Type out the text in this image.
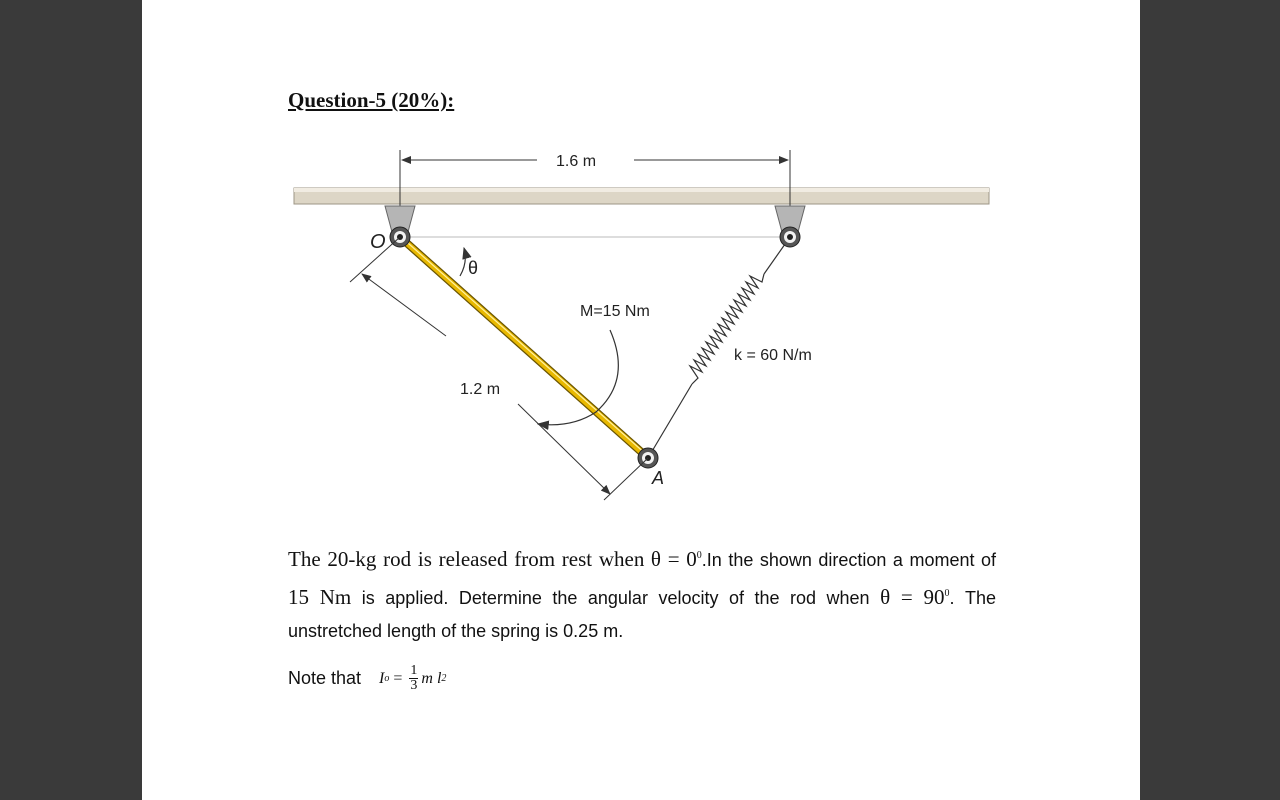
Question-5 (20%):

1.6 m
k = 60 N/m
O
A
θ
M=15 Nm
1.2 m

The 20-kg rod is released from rest when $\theta = 0^0.In$ the shown direction a moment of 15 Nm is applied. Determine the angular velocity of the rod when $\theta = 90^0$. The unstretched length of the spring is 0.25 m.

Note that I $o = \frac{1}{3}$ m l 2
